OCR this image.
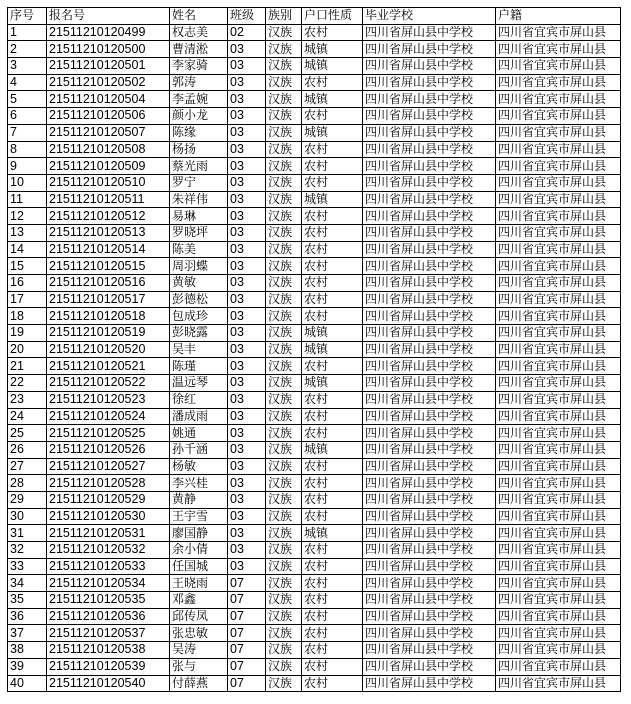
序号	报名号	姓名	班级	族别	户口性质	毕业学校	户籍
1	21511210120499	权志美	02	汉族	农村	四川省屏山县中学校	四川省宜宾市屏山县
2	21511210120500	曹清淞	03	汉族	城镇	四川省屏山县中学校	四川省宜宾市屏山县
3	21511210120501	李家骑	03	汉族	城镇	四川省屏山县中学校	四川省宜宾市屏山县
4	21511210120502	郭涛	03	汉族	农村	四川省屏山县中学校	四川省宜宾市屏山县
5	21511210120504	李孟婉	03	汉族	城镇	四川省屏山县中学校	四川省宜宾市屏山县
6	21511210120506	颜小龙	03	汉族	农村	四川省屏山县中学校	四川省宜宾市屏山县
7	21511210120507	陈缘	03	汉族	城镇	四川省屏山县中学校	四川省宜宾市屏山县
8	21511210120508	杨扬	03	汉族	农村	四川省屏山县中学校	四川省宜宾市屏山县
9	21511210120509	蔡光雨	03	汉族	农村	四川省屏山县中学校	四川省宜宾市屏山县
10	21511210120510	罗宁	03	汉族	农村	四川省屏山县中学校	四川省宜宾市屏山县
11	21511210120511	朱祥伟	03	汉族	城镇	四川省屏山县中学校	四川省宜宾市屏山县
12	21511210120512	易琳	03	汉族	农村	四川省屏山县中学校	四川省宜宾市屏山县
13	21511210120513	罗晓坪	03	汉族	农村	四川省屏山县中学校	四川省宜宾市屏山县
14	21511210120514	陈美	03	汉族	农村	四川省屏山县中学校	四川省宜宾市屏山县
15	21511210120515	周羽蝶	03	汉族	农村	四川省屏山县中学校	四川省宜宾市屏山县
16	21511210120516	黄敏	03	汉族	农村	四川省屏山县中学校	四川省宜宾市屏山县
17	21511210120517	彭德松	03	汉族	农村	四川省屏山县中学校	四川省宜宾市屏山县
18	21511210120518	包成珍	03	汉族	农村	四川省屏山县中学校	四川省宜宾市屏山县
19	21511210120519	彭晓露	03	汉族	城镇	四川省屏山县中学校	四川省宜宾市屏山县
20	21511210120520	吴丰	03	汉族	城镇	四川省屏山县中学校	四川省宜宾市屏山县
21	21511210120521	陈瑾	03	汉族	农村	四川省屏山县中学校	四川省宜宾市屏山县
22	21511210120522	温远琴	03	汉族	城镇	四川省屏山县中学校	四川省宜宾市屏山县
23	21511210120523	徐红	03	汉族	农村	四川省屏山县中学校	四川省宜宾市屏山县
24	21511210120524	潘成雨	03	汉族	农村	四川省屏山县中学校	四川省宜宾市屏山县
25	21511210120525	姚通	03	汉族	农村	四川省屏山县中学校	四川省宜宾市屏山县
26	21511210120526	孙千涵	03	汉族	城镇	四川省屏山县中学校	四川省宜宾市屏山县
27	21511210120527	杨敏	03	汉族	农村	四川省屏山县中学校	四川省宜宾市屏山县
28	21511210120528	李兴桂	03	汉族	农村	四川省屏山县中学校	四川省宜宾市屏山县
29	21511210120529	黄静	03	汉族	农村	四川省屏山县中学校	四川省宜宾市屏山县
30	21511210120530	王宇雪	03	汉族	农村	四川省屏山县中学校	四川省宜宾市屏山县
31	21511210120531	廖国静	03	汉族	城镇	四川省屏山县中学校	四川省宜宾市屏山县
32	21511210120532	余小倩	03	汉族	农村	四川省屏山县中学校	四川省宜宾市屏山县
33	21511210120533	任国城	03	汉族	农村	四川省屏山县中学校	四川省宜宾市屏山县
34	21511210120534	王晓雨	07	汉族	农村	四川省屏山县中学校	四川省宜宾市屏山县
35	21511210120535	邓鑫	07	汉族	农村	四川省屏山县中学校	四川省宜宾市屏山县
36	21511210120536	邱传凤	07	汉族	农村	四川省屏山县中学校	四川省宜宾市屏山县
37	21511210120537	张忠敏	07	汉族	农村	四川省屏山县中学校	四川省宜宾市屏山县
38	21511210120538	吴涛	07	汉族	农村	四川省屏山县中学校	四川省宜宾市屏山县
39	21511210120539	张与	07	汉族	农村	四川省屏山县中学校	四川省宜宾市屏山县
40	21511210120540	付薛燕	07	汉族	农村	四川省屏山县中学校	四川省宜宾市屏山县
